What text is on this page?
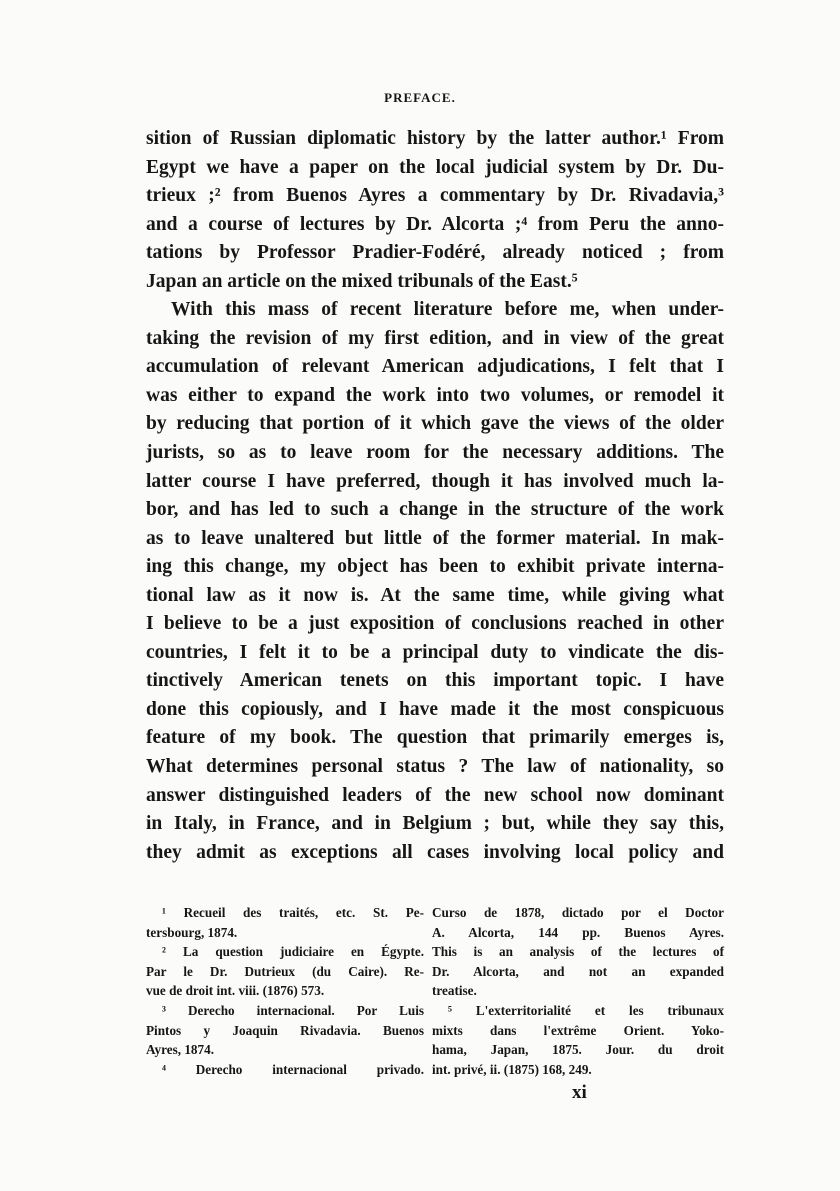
PREFACE.
sition of Russian diplomatic history by the latter author.¹ From
Egypt we have a paper on the local judicial system by Dr. Du-
trieux ;² from Buenos Ayres a commentary by Dr. Rivadavia,³
and a course of lectures by Dr. Alcorta ;⁴ from Peru the anno-
tations by Professor Pradier-Fodéré, already noticed ; from
Japan an article on the mixed tribunals of the East.⁵
With this mass of recent literature before me, when under-
taking the revision of my first edition, and in view of the great
accumulation of relevant American adjudications, I felt that I
was either to expand the work into two volumes, or remodel it
by reducing that portion of it which gave the views of the older
jurists, so as to leave room for the necessary additions. The
latter course I have preferred, though it has involved much la-
bor, and has led to such a change in the structure of the work
as to leave unaltered but little of the former material. In mak-
ing this change, my object has been to exhibit private interna-
tional law as it now is. At the same time, while giving what
I believe to be a just exposition of conclusions reached in other
countries, I felt it to be a principal duty to vindicate the dis-
tinctively American tenets on this important topic. I have
done this copiously, and I have made it the most conspicuous
feature of my book. The question that primarily emerges is,
What determines personal status ? The law of nationality, so
answer distinguished leaders of the new school now dominant
in Italy, in France, and in Belgium ; but, while they say this,
they admit as exceptions all cases involving local policy and
¹ Recueil des traités, etc. St. Pe-
tersbourg, 1874.
² La question judiciaire en Égypte.
Par le Dr. Dutrieux (du Caire). Re-
vue de droit int. viii. (1876) 573.
³ Derecho internacional. Por Luis
Pintos y Joaquin Rivadavia. Buenos
Ayres, 1874.
⁴ Derecho internacional privado.
Curso de 1878, dictado por el Doctor
A. Alcorta, 144 pp. Buenos Ayres.
This is an analysis of the lectures of
Dr. Alcorta, and not an expanded
treatise.
⁵ L'exterritorialité et les tribunaux
mixts dans l'extrême Orient. Yoko-
hama, Japan, 1875. Jour. du droit
int. privé, ii. (1875) 168, 249.
xi
